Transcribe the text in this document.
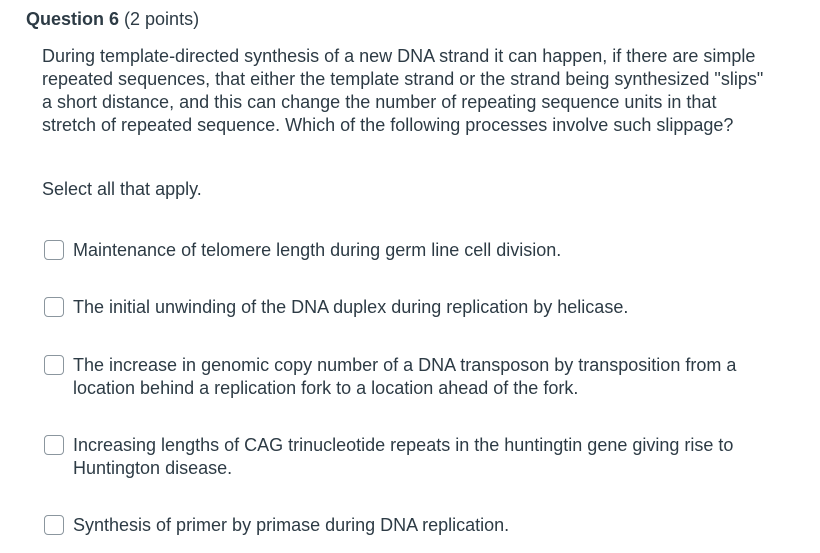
Question 6 (2 points)
During template-directed synthesis of a new DNA strand it can happen, if there are simple repeated sequences, that either the template strand or the strand being synthesized "slips" a short distance, and this can change the number of repeating sequence units in that stretch of repeated sequence. Which of the following processes involve such slippage?
Select all that apply.
Maintenance of telomere length during germ line cell division.
The initial unwinding of the DNA duplex during replication by helicase.
The increase in genomic copy number of a DNA transposon by transposition from a location behind a replication fork to a location ahead of the fork.
Increasing lengths of CAG trinucleotide repeats in the huntingtin gene giving rise to Huntington disease.
Synthesis of primer by primase during DNA replication.
